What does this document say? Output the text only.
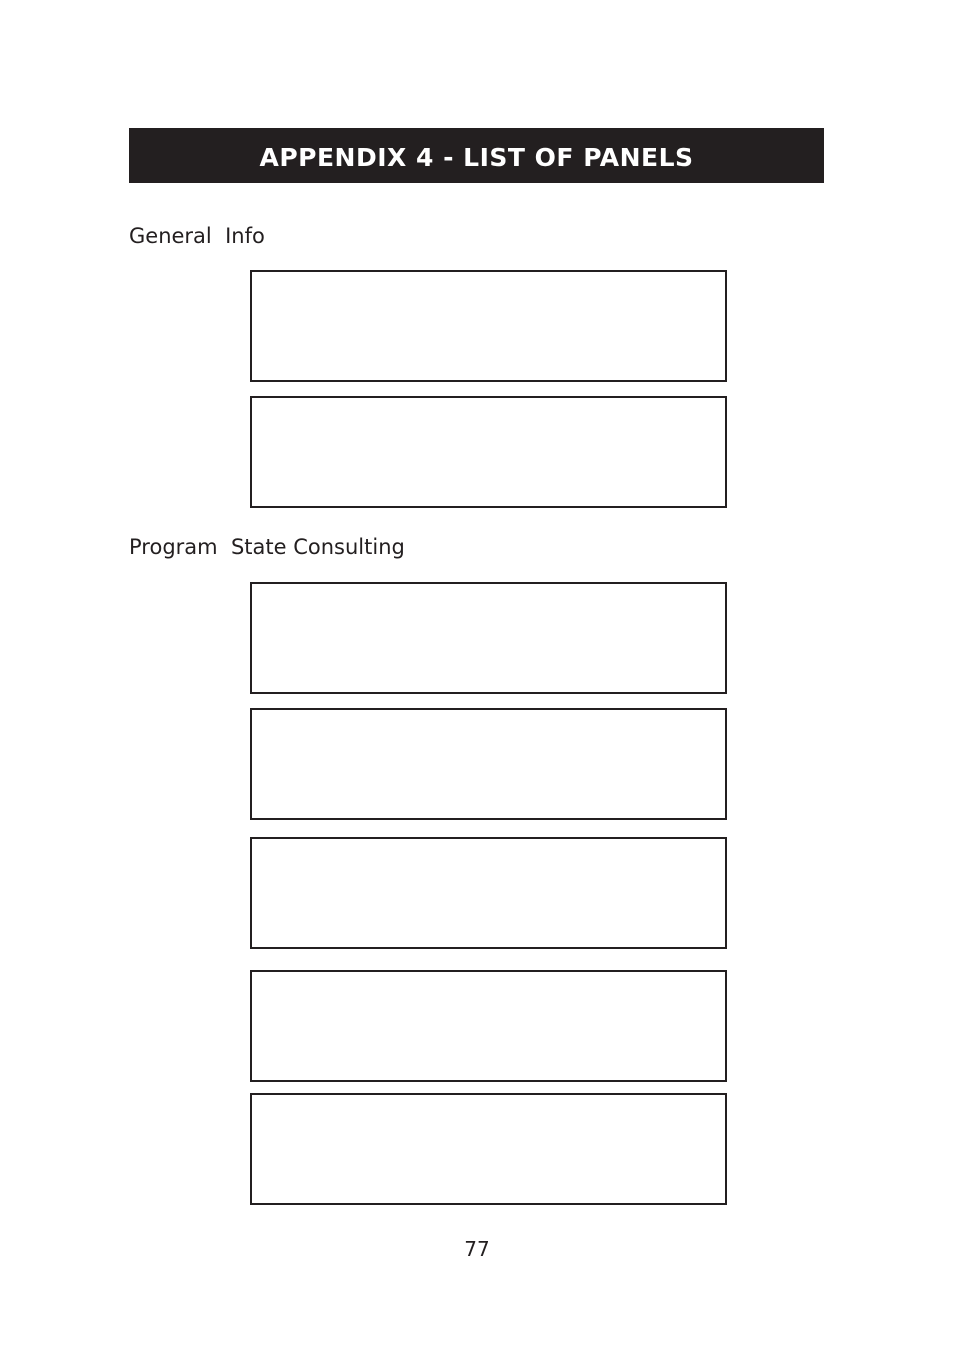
APPENDIX 4 - LIST OF PANELS
General  Info
Program  State Consulting
77
